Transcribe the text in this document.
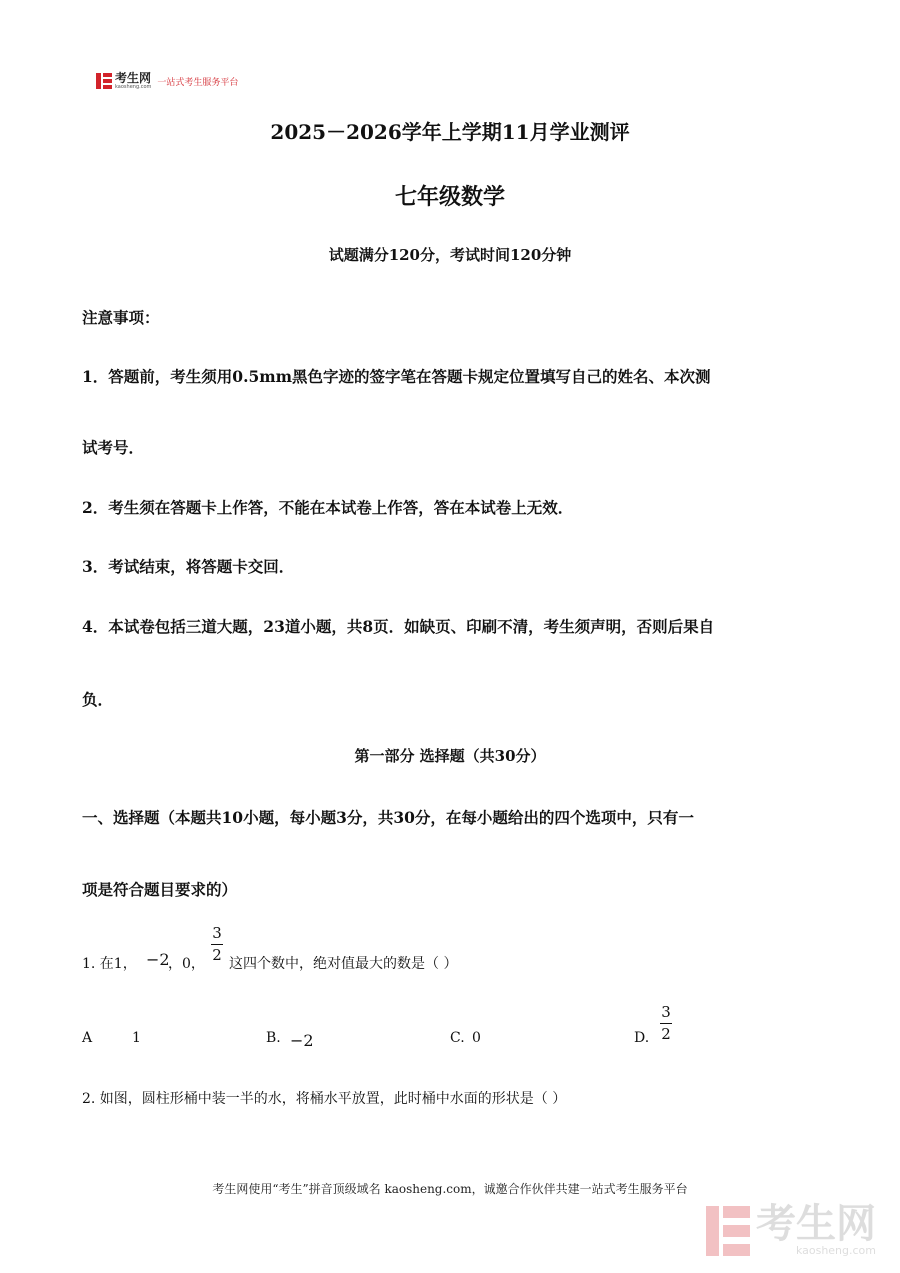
考生网
kaosheng.com 一站式考生服务平台
2025－2026学年上学期11月学业测评
七年级数学
试题满分120分，考试时间120分钟
注意事项：
1．答题前，考生须用0.5mm黑色字迹的签字笔在答题卡规定位置填写自己的姓名、本次测
试考号．
2．考生须在答题卡上作答，不能在本试卷上作答，答在本试卷上无效．
3．考试结束，将答题卡交回．
4．本试卷包括三道大题，23道小题，共8页．如缺页、印刷不清，考生须声明，否则后果自
负．
第一部分 选择题（共30分）
一、选择题（本题共10小题，每小题3分，共30分，在每小题给出的四个选项中，只有一
项是符合题目要求的）
1. 在1， −2
，0，
3
2 这四个数中，绝对值最大的数是（ ）
A	1	B. −2	C. 0	D.
3
2
2. 如图，圆柱形桶中装一半的水，将桶水平放置，此时桶中水面的形状是（ ）
考生网使用“考生”拼音顶级域名 kaosheng.com，诚邀合作伙伴共建一站式考生服务平台
考生网
kaosheng.com
